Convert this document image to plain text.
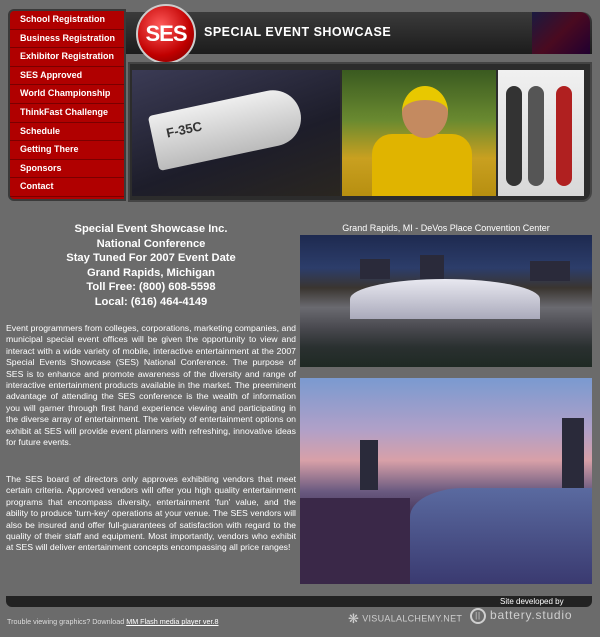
School Registration
Business Registration
Exhibitor Registration
SES Approved
World Championship
ThinkFast Challenge
Schedule
Getting There
Sponsors
Contact
SES	SPECIAL EVENT SHOWCASE
F-35C
Special Event Showcase Inc.
National Conference
Stay Tuned For 2007 Event Date
Grand Rapids, Michigan
Toll Free: (800) 608-5598
Local: (616) 464-4149

Event programmers from colleges, corporations, marketing companies, and municipal special event offices will be given the opportunity to view and interact with a wide variety of mobile, interactive entertainment at the 2007 Special Events Showcase (SES) National Conference. The purpose of SES is to enhance and promote awareness of the diversity and range of interactive entertainment products available in the market. The preeminent advantage of attending the SES conference is the wealth of information you will garner through first hand experience viewing and participating in the diverse array of entertainment. The variety of entertainment options on exhibit at SES will provide event planners with refreshing, innovative ideas for future events.

The SES board of directors only approves exhibiting vendors that meet certain criteria. Approved vendors will offer you high quality entertainment programs that encompass diversity, entertainment 'fun' value, and the ability to produce 'turn-key' operations at your venue. The SES vendors will also be insured and offer full-guarantees of satisfaction with regard to the quality of their staff and equipment. Most importantly, vendors who exhibit at SES will deliver entertainment concepts encompassing all price ranges!

Grand Rapids, MI - DeVos Place Convention Center
Site developed by
Trouble viewing graphics? Download MM Flash media player ver.8	❋ VISUALALCHEMY.NET	|| battery.studio
